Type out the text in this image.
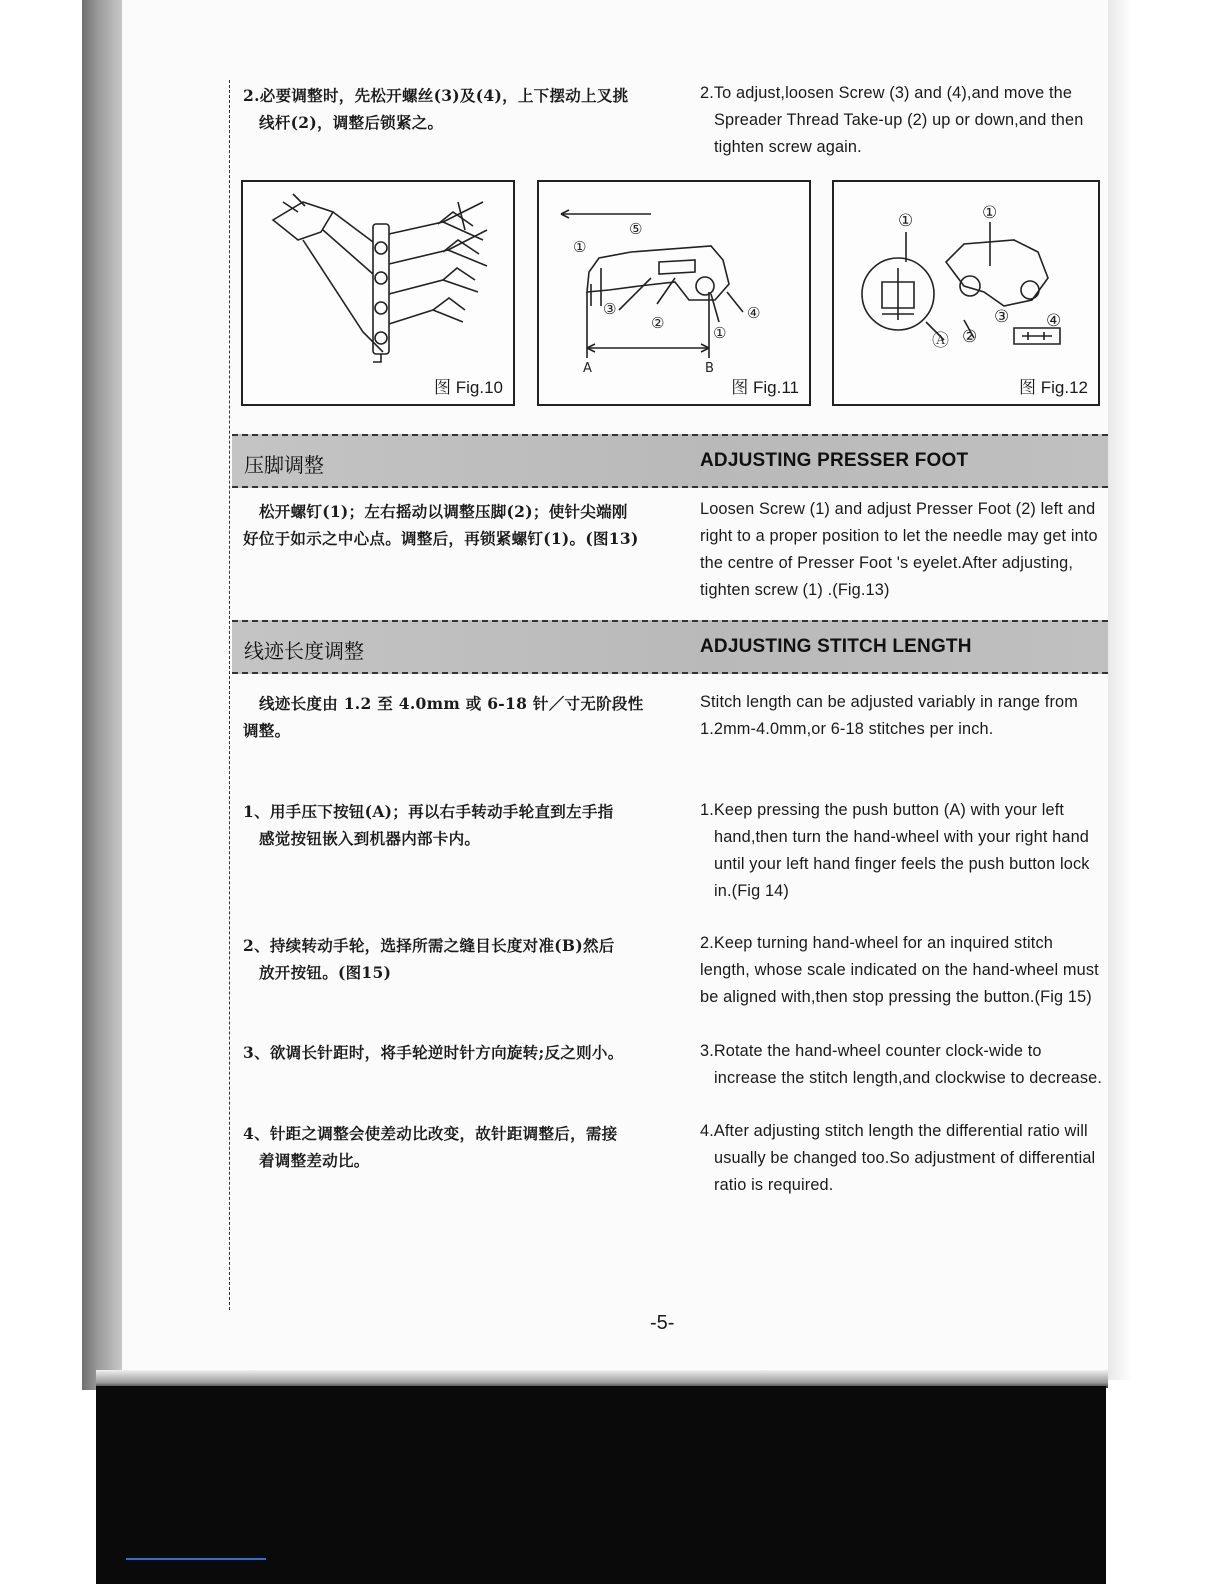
2.必要调整时，先松开螺丝(3)及(4)，上下摆动上叉挑

线杆(2)，调整后锁紧之。

2.To adjust,loosen Screw (3) and (4),and move the

Spreader Thread Take-up (2) up or down,and then

tighten screw again.

图 Fig.10
⑤
①
③
②
④
①
A	B
图 Fig.11
①	①
Ⓐ ②
③ ④
图 Fig.12
压脚调整	ADJUSTING PRESSER FOOT

松开螺钉(1)；左右摇动以调整压脚(2)；使针尖端刚

好位于如示之中心点。调整后，再锁紧螺钉(1)。(图13)

Loosen Screw (1) and adjust Presser Foot (2) left and

right to a proper position to let the needle may get into

the centre of Presser Foot 's eyelet.After adjusting,

tighten screw (1) .(Fig.13)

线迹长度调整	ADJUSTING STITCH LENGTH

线迹长度由 1.2 至 4.0mm 或 6-18 针／寸无阶段性

调整。

Stitch length can be adjusted variably in range from

1.2mm-4.0mm,or 6-18 stitches per inch.

1、用手压下按钮(A)；再以右手转动手轮直到左手指

感觉按钮嵌入到机器内部卡内。

1.Keep pressing the push button (A) with your left

hand,then turn the hand-wheel with your right hand

until your left hand finger feels the push button lock

in.(Fig 14)

2、持续转动手轮，选择所需之缝目长度对准(B)然后

放开按钮。(图15)

2.Keep turning hand-wheel for an inquired stitch

length, whose scale indicated on the hand-wheel must

be aligned with,then stop pressing the button.(Fig 15)

3、欲调长针距时，将手轮逆时针方向旋转;反之则小。	3.Rotate the hand-wheel counter clock-wide to

increase the stitch length,and clockwise to decrease.

4、针距之调整会使差动比改变，故针距调整后，需接

着调整差动比。

4.After adjusting stitch length the differential ratio will

usually be changed too.So adjustment of differential

ratio is required.

-5-
